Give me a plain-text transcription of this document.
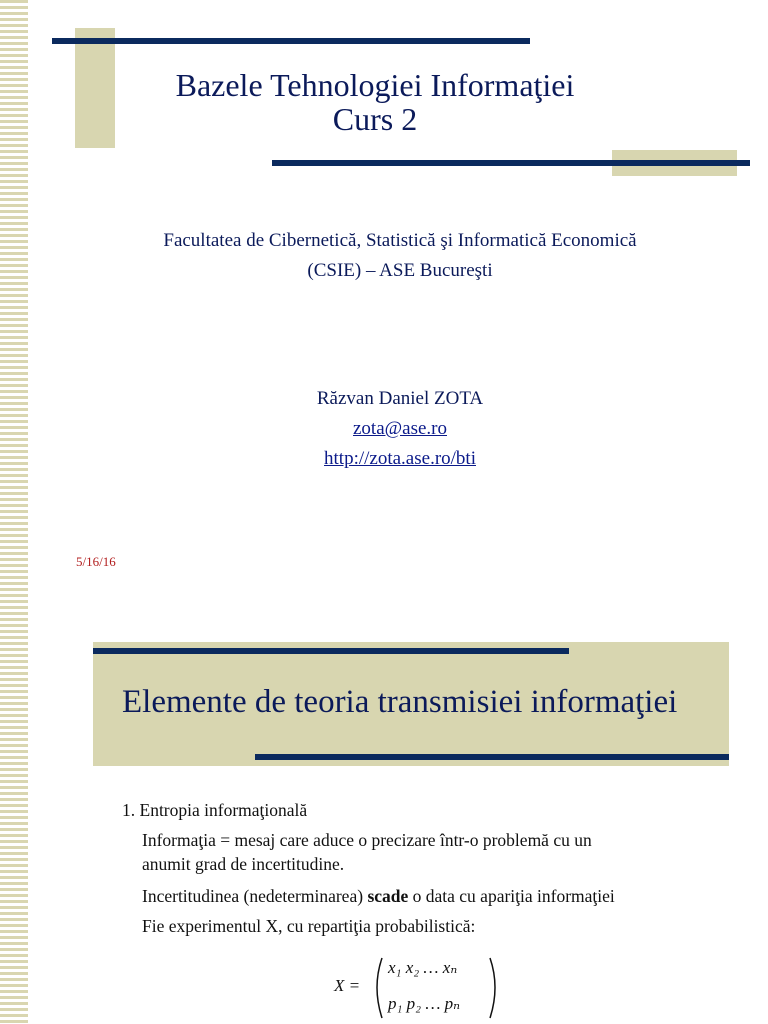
Bazele Tehnologiei Informaţiei
Curs 2
Facultatea de Cibernetică, Statistică şi Informatică Economică
(CSIE) – ASE Bucureşti
Răzvan Daniel ZOTA
zota@ase.ro
http://zota.ase.ro/bti
5/16/16
Elemente de teoria transmisiei informaţiei
1. Entropia informaţională
Informaţia = mesaj care aduce o precizare într-o problemă cu un
anumit grad de incertitudine.
Incertitudinea (nedeterminarea) scade o data cu apariţia informaţiei
Fie experimentul X, cu repartiţia probabilistică:
X =
x₁ x₂ … xₙ
p₁ p₂ … pₙ
